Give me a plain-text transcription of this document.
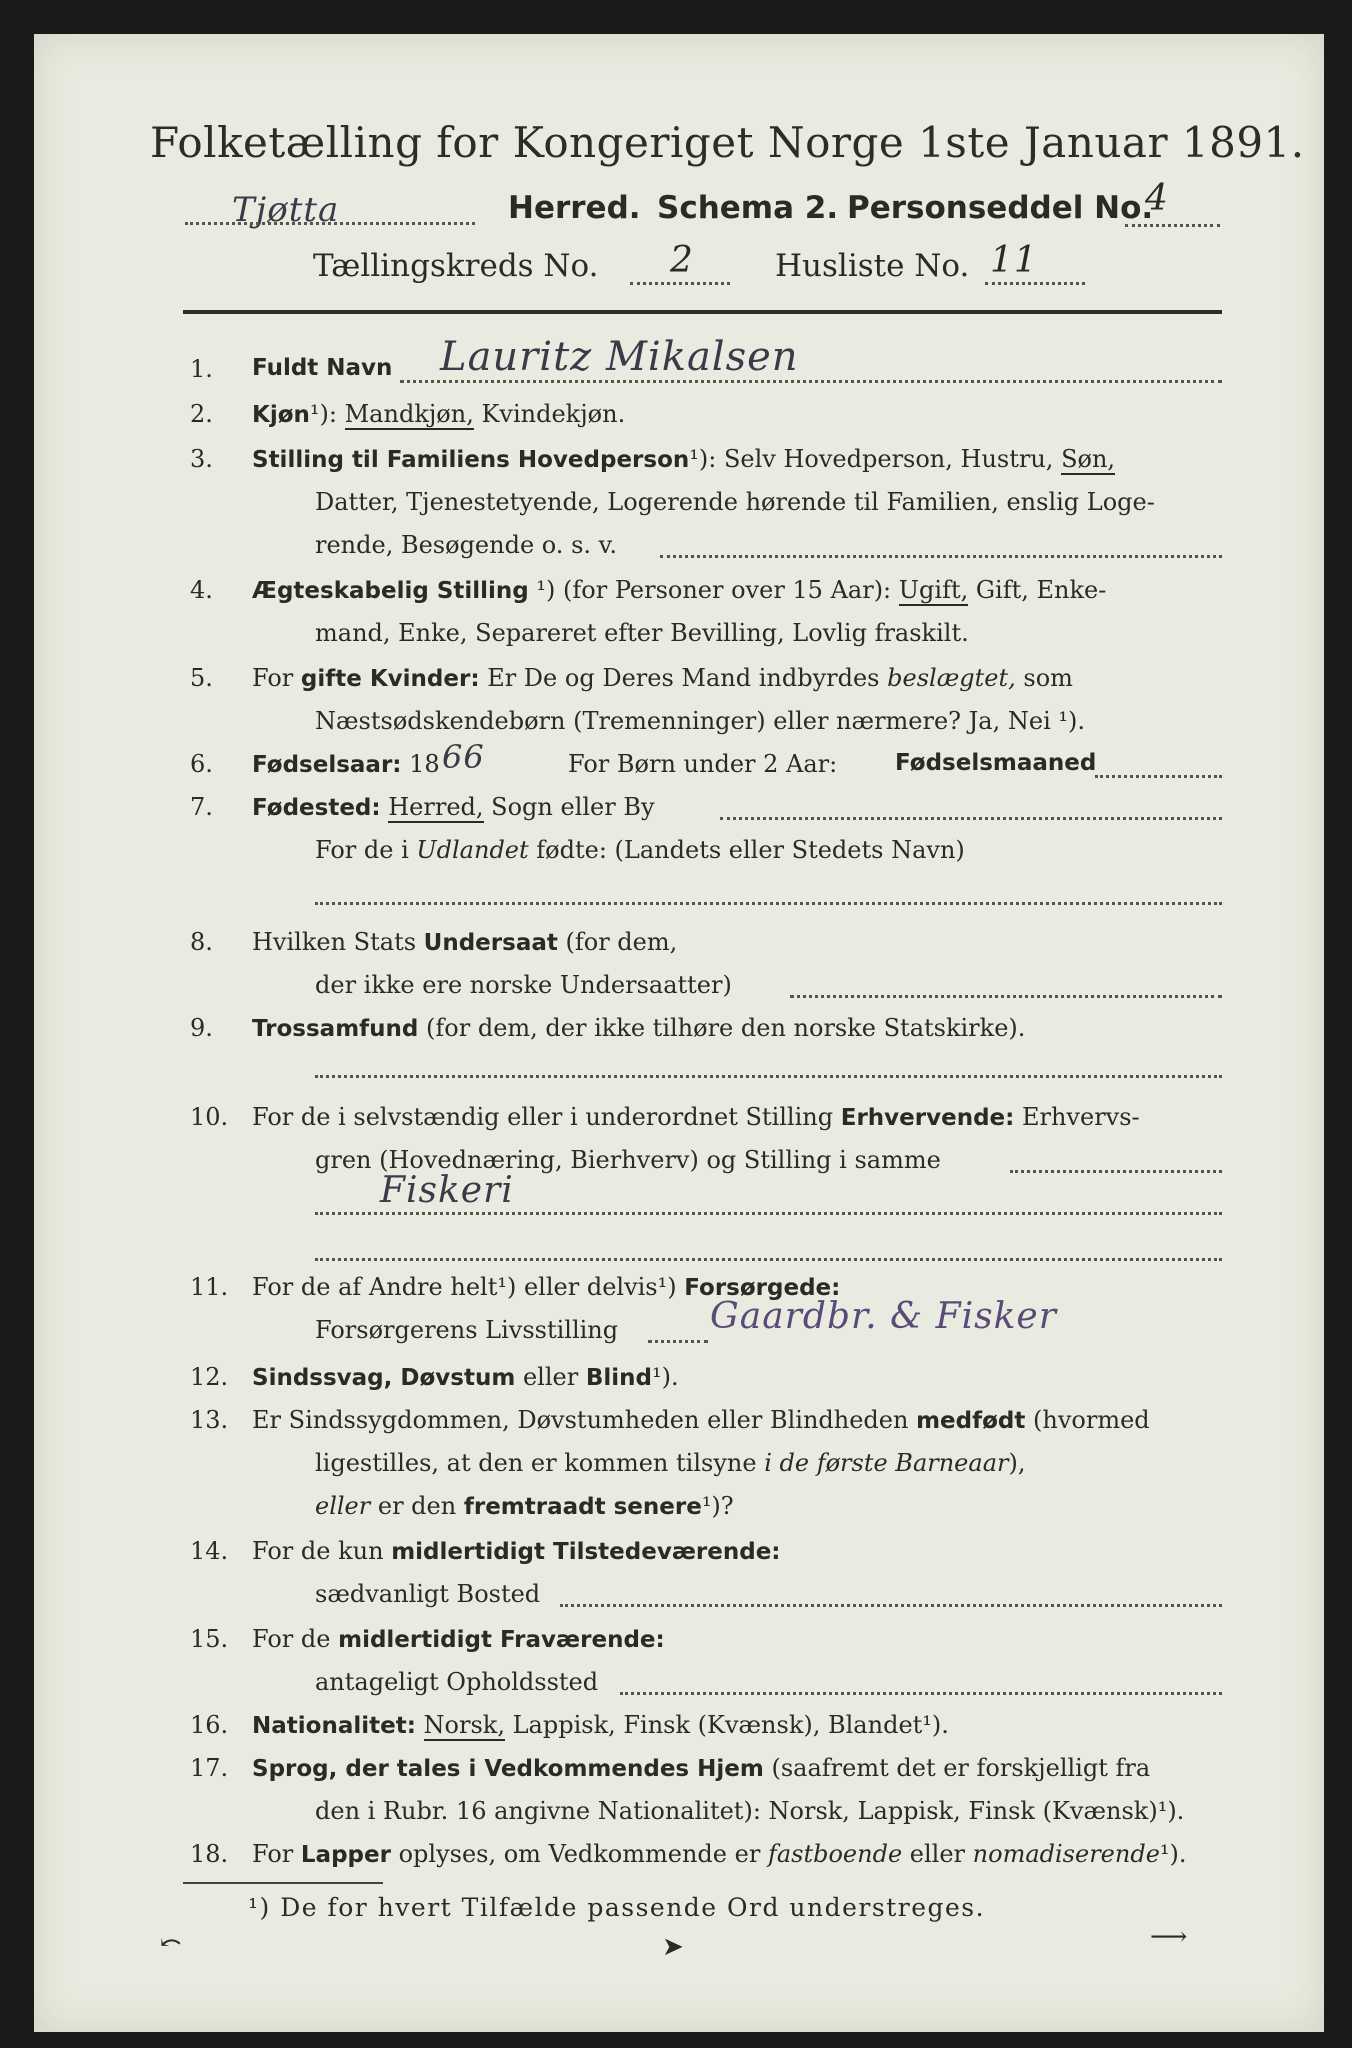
Folketælling for Kongeriget Norge 1ste Januar 1891.
Tjøtta	Herred. Schema 2. Personseddel No.
4
Tællingskreds No. 2	Husliste No. 11
1.	Fuldt Navn Lauritz Mikalsen
2.	Kjøn¹): Mandkjøn, Kvindekjøn.
3.	Stilling til Familiens Hovedperson¹): Selv Hovedperson, Hustru, Søn,
Datter, Tjenestetyende, Logerende hørende til Familien, enslig Loge-
rende, Besøgende o. s. v.
4.	Ægteskabelig Stilling ¹) (for Personer over 15 Aar): Ugift, Gift, Enke-
mand, Enke, Separeret efter Bevilling, Lovlig fraskilt.
5.	For gifte Kvinder: Er De og Deres Mand indbyrdes beslægtet, som
Næstsødskendebørn (Tremenninger) eller nærmere? Ja, Nei ¹).
6.	Fødselsaar: 18 66	For Børn under 2 Aar:	Fødselsmaaned
7.	Fødested: Herred, Sogn eller By
For de i Udlandet fødte: (Landets eller Stedets Navn)
8.	Hvilken Stats Undersaat (for dem,
der ikke ere norske Undersaatter)
9.	Trossamfund (for dem, der ikke tilhøre den norske Statskirke).
10. For de i selvstændig eller i underordnet Stilling Erhvervende: Erhvervs-
gren (Hovednæring, Bierhverv) og Stilling i samme
Fiskeri
11. For de af Andre helt¹) eller delvis¹) Forsørgede:
Forsørgerens Livsstilling	Gaardbr. & Fisker
12. Sindssvag, Døvstum eller Blind¹).
13. Er Sindssygdommen, Døvstumheden eller Blindheden medfødt (hvormed
ligestilles, at den er kommen tilsyne i de første Barneaar),
eller er den fremtraadt senere¹)?
14. For de kun midlertidigt Tilstedeværende:
sædvanligt Bosted
15. For de midlertidigt Fraværende:
antageligt Opholdssted
16. Nationalitet: Norsk, Lappisk, Finsk (Kvænsk), Blandet¹).
17. Sprog, der tales i Vedkommendes Hjem (saafremt det er forskjelligt fra
den i Rubr. 16 angivne Nationalitet): Norsk, Lappisk, Finsk (Kvænsk)¹).
18. For Lapper oplyses, om Vedkommende er fastboende eller nomadiserende¹).
¹) De for hvert Tilfælde passende Ord understreges.
⤺	➤	⟶
